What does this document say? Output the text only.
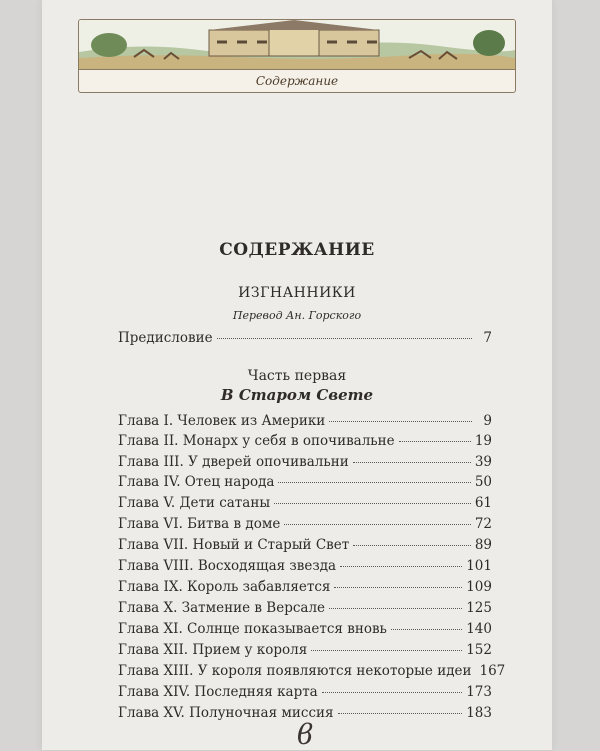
Содержание
СОДЕРЖАНИЕ
ИЗГНАННИКИ
Перевод Ан. Горского
Предисловие	7
Часть первая
В Старом Свете
Глава I. Человек из Америки	9
Глава II. Монарх у себя в опочивальне	19
Глава III. У дверей опочивальни	39
Глава IV. Отец народа	50
Глава V. Дети сатаны	61
Глава VI. Битва в доме	72
Глава VII. Новый и Старый Свет	89
Глава VIII. Восходящая звезда	101
Глава IX. Король забавляется	109
Глава X. Затмение в Версале	125
Глава XI. Солнце показывается вновь	140
Глава XII. Прием у короля	152
Глава XIII. У короля появляются некоторые идеи 167
Глава XIV. Последняя карта	173
Глава XV. Полуночная миссия	183
ϐ
